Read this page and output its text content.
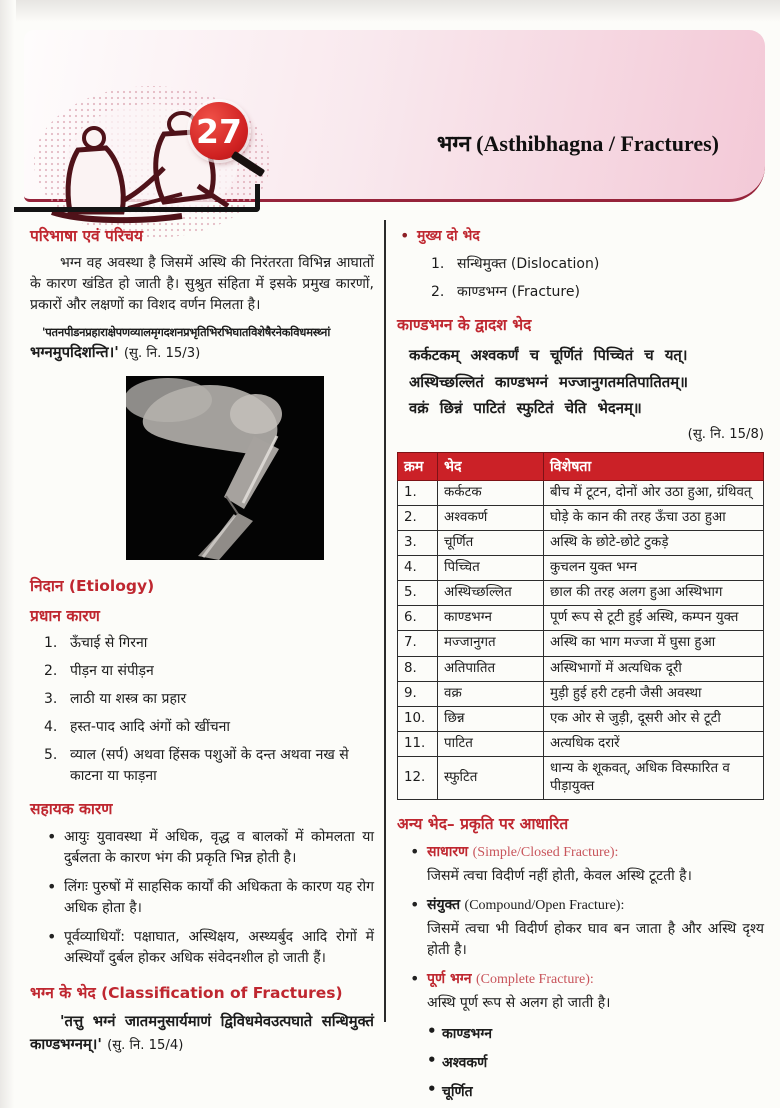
27	भग्न (Asthibhagna / Fractures)
परिभाषा एवं परिचय
भग्न वह अवस्था है जिसमें अस्थि की निरंतरता विभिन्न आघातों के कारण खंडित हो जाती है। सुश्रुत संहिता में इसके प्रमुख कारणों, प्रकारों और लक्षणों का विशद वर्णन मिलता है।
'पतनपीडनप्रहाराक्षेपणव्यालमृगदशनप्रभृतिभिरभिघातविशेषैरनेकविधमस्थ्नां
भग्नमुपदिशन्ति।' (सु. नि. 15/3)
निदान (Etiology)
प्रधान कारण
1. ऊँचाई से गिरना
2. पीड़न या संपीड़न
3. लाठी या शस्त्र का प्रहार
4. हस्त-पाद आदि अंगों को खींचना
5. व्याल (सर्प) अथवा हिंसक पशुओं के दन्त अथवा नख से काटना या फाड़ना
सहायक कारण
• आयुः युवावस्था में अधिक, वृद्ध व बालकों में कोमलता या दुर्बलता के कारण भंग की प्रकृति भिन्न होती है।
• लिंगः पुरुषों में साहसिक कार्यों की अधिकता के कारण यह रोग अधिक होता है।
• पूर्वव्याधियाँ: पक्षाघात, अस्थिक्षय, अस्थ्यर्बुद आदि रोगों में अस्थियाँ दुर्बल होकर अधिक संवेदनशील हो जाती हैं।
भग्न के भेद (Classification of Fractures)
'तत्तु भग्नं जातमनुसार्यमाणं द्विविधमेवउत्पघाते सन्धिमुक्तं काण्डभग्नम्।' (सु. नि. 15/4)
• मुख्य दो भेद
1. सन्धिमुक्त (Dislocation)
2. काण्डभग्न (Fracture)
काण्डभग्न के द्वादश भेद
कर्कटकम् अश्वकर्णं च चूर्णितं पिच्चितं च यत्।
अस्थिच्छल्लितं काण्डभग्नं मज्जानुगतमतिपातितम्॥
वक्रं छिन्नं पाटितं स्फुटितं चेति भेदनम्॥
(सु. नि. 15/8)
क्रम	भेद	विशेषता
1.	कर्कटक	बीच में टूटन, दोनों ओर उठा हुआ, ग्रंथिवत्
2.	अश्वकर्ण	घोड़े के कान की तरह ऊँचा उठा हुआ
3.	चूर्णित	अस्थि के छोटे-छोटे टुकड़े
4.	पिच्चित	कुचलन युक्त भग्न
5.	अस्थिच्छल्लित	छाल की तरह अलग हुआ अस्थिभाग
6.	काण्डभग्न	पूर्ण रूप से टूटी हुई अस्थि, कम्पन युक्त
7.	मज्जानुगत	अस्थि का भाग मज्जा में घुसा हुआ
8.	अतिपातित	अस्थिभागों में अत्यधिक दूरी
9.	वक्र	मुड़ी हुई हरी टहनी जैसी अवस्था
10.	छिन्न	एक ओर से जुड़ी, दूसरी ओर से टूटी
11.	पाटित	अत्यधिक दरारें
12.	स्फुटित	धान्य के शूकवत्, अधिक विस्फारित व पीड़ायुक्त
अन्य भेद– प्रकृति पर आधारित
• साधारण (Simple/Closed Fracture):
जिसमें त्वचा विदीर्ण नहीं होती, केवल अस्थि टूटती है।
• संयुक्त (Compound/Open Fracture):
जिसमें त्वचा भी विदीर्ण होकर घाव बन जाता है और अस्थि दृश्य होती है।
• पूर्ण भग्न (Complete Fracture):
अस्थि पूर्ण रूप से अलग हो जाती है।
• काण्डभग्न
• अश्वकर्ण
• चूर्णित
